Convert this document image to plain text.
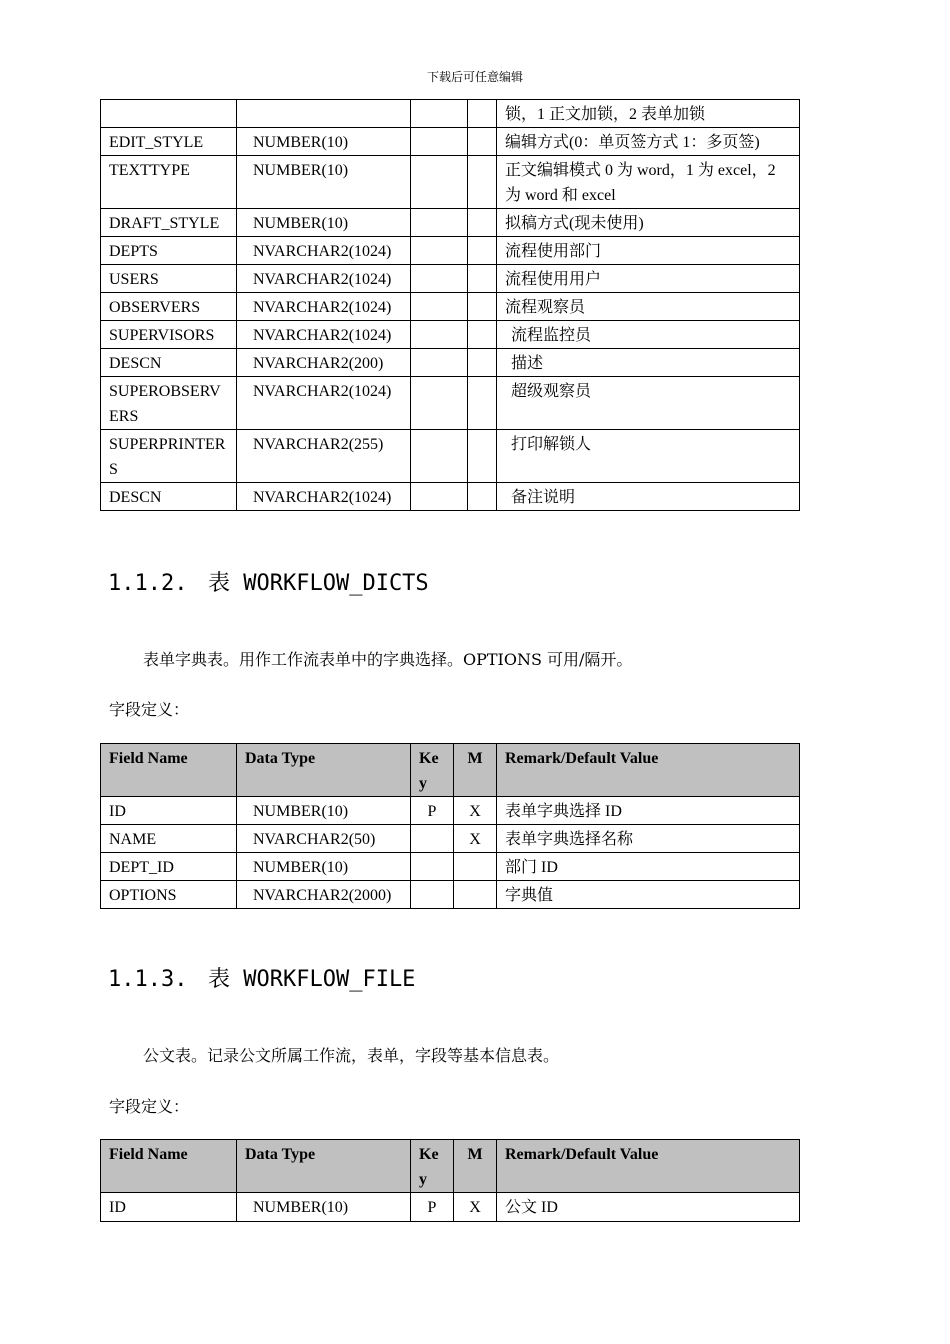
下载后可任意编辑
				锁，1 正文加锁，2 表单加锁
EDIT_STYLE	NUMBER(10)			编辑方式(0：单页签方式 1：多页签)
TEXTTYPE	NUMBER(10)			正文编辑模式 0 为 word，1 为 excel，2 为 word 和 excel
DRAFT_STYLE	NUMBER(10)			拟稿方式(现未使用)
DEPTS	NVARCHAR2(1024)			流程使用部门
USERS	NVARCHAR2(1024)			流程使用用户
OBSERVERS	NVARCHAR2(1024)			流程观察员
SUPERVISORS	NVARCHAR2(1024)			流程监控员
DESCN	NVARCHAR2(200)			描述
SUPEROBSERVERS	NVARCHAR2(1024)			超级观察员
SUPERPRINTERS	NVARCHAR2(255)			打印解锁人
DESCN	NVARCHAR2(1024)			备注说明
1.1.2. 表 WORKFLOW_DICTS
表单字典表。用作工作流表单中的字典选择。OPTIONS 可用/隔开。
字段定义：
Field Name	Data Type	Key	M	Remark/Default Value
ID	NUMBER(10)	P	X	表单字典选择 ID
NAME	NVARCHAR2(50)		X	表单字典选择名称
DEPT_ID	NUMBER(10)			部门 ID
OPTIONS	NVARCHAR2(2000)			字典值
1.1.3. 表 WORKFLOW_FILE
公文表。记录公文所属工作流，表单，字段等基本信息表。
字段定义：
Field Name	Data Type	Key	M	Remark/Default Value
ID	NUMBER(10)	P	X	公文 ID
